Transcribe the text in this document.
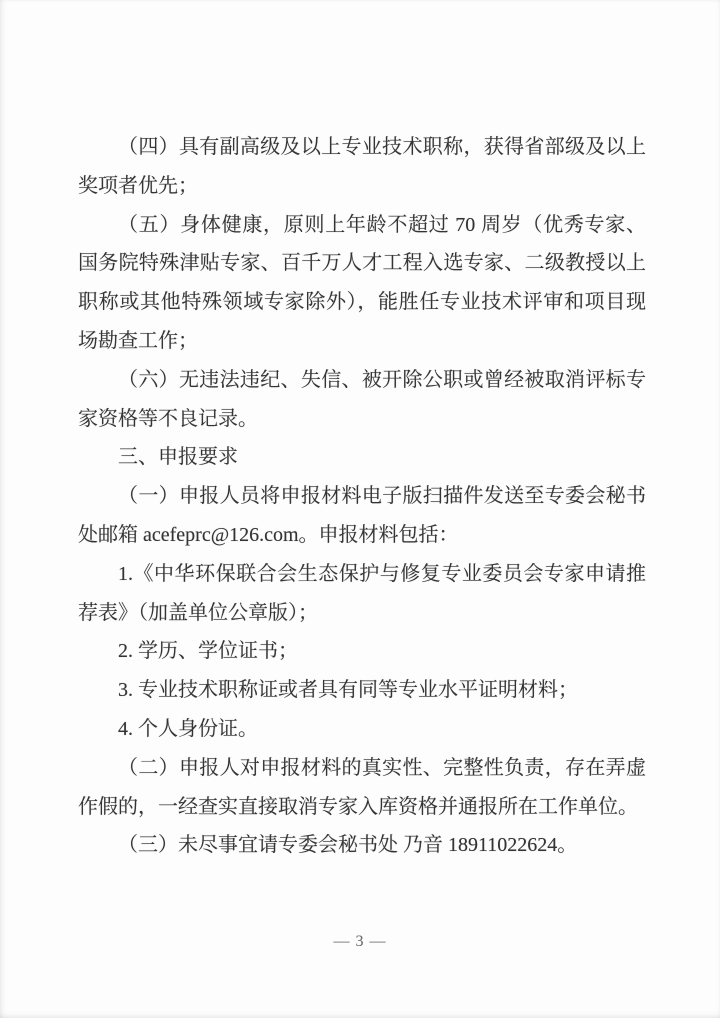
（四）具有副高级及以上专业技术职称，获得省部级及以上奖项者优先；

（五）身体健康，原则上年龄不超过 70 周岁（优秀专家、国务院特殊津贴专家、百千万人才工程入选专家、二级教授以上职称或其他特殊领域专家除外），能胜任专业技术评审和项目现场勘查工作；

（六）无违法违纪、失信、被开除公职或曾经被取消评标专家资格等不良记录。

三、申报要求

（一）申报人员将申报材料电子版扫描件发送至专委会秘书处邮箱 acefeprc@126.com。申报材料包括：

1.《中华环保联合会生态保护与修复专业委员会专家申请推荐表》（加盖单位公章版）；

2. 学历、学位证书；

3. 专业技术职称证或者具有同等专业水平证明材料；

4. 个人身份证。

（二）申报人对申报材料的真实性、完整性负责，存在弄虚作假的，一经查实直接取消专家入库资格并通报所在工作单位。

（三）未尽事宜请专委会秘书处 乃音 18911022624。

— 3 —
